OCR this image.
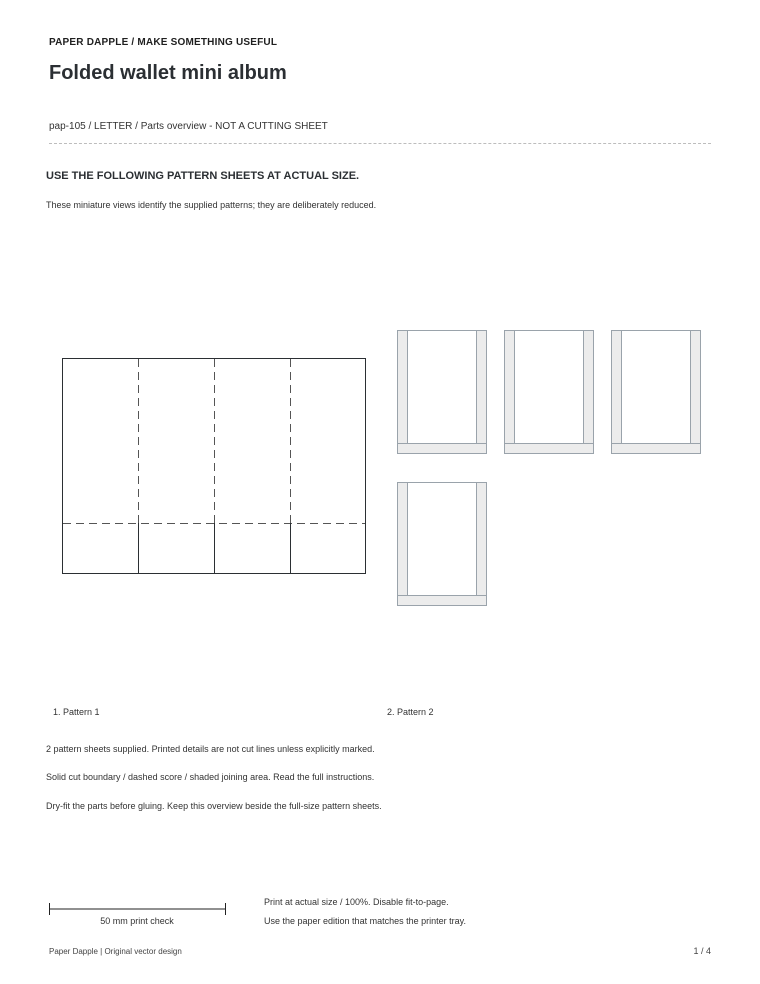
PAPER DAPPLE / MAKE SOMETHING USEFUL
Folded wallet mini album
pap-105 / LETTER / Parts overview - NOT A CUTTING SHEET
USE THE FOLLOWING PATTERN SHEETS AT ACTUAL SIZE.
These miniature views identify the supplied patterns; they are deliberately reduced.
1. Pattern 1	2. Pattern 2
2 pattern sheets supplied. Printed details are not cut lines unless explicitly marked.
Solid cut boundary / dashed score / shaded joining area. Read the full instructions.
Dry-fit the parts before gluing. Keep this overview beside the full-size pattern sheets.
50 mm print check
Print at actual size / 100%. Disable fit-to-page.
Use the paper edition that matches the printer tray.
Paper Dapple | Original vector design	1 / 4
